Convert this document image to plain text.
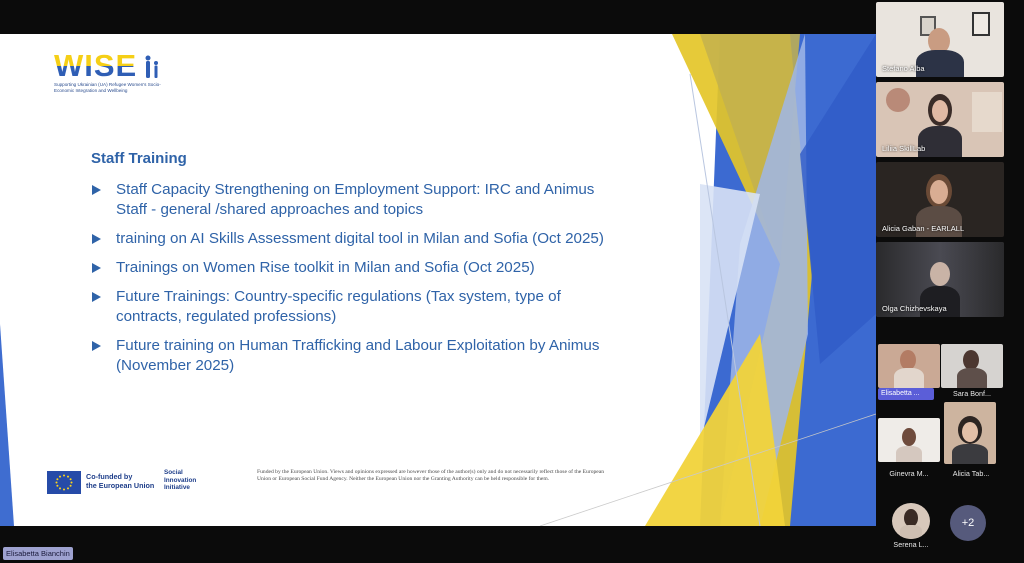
WISE
Supporting Ukrainian (UA) Refugee Women's Socio-Economic Integration and Wellbeing
Staff Training
Staff Capacity Strengthening on Employment Support: IRC and Animus Staff - general /shared approaches and topics
training on AI Skills Assessment digital tool in Milan and Sofia (Oct 2025)
Trainings on Women Rise toolkit in Milan and Sofia (Oct 2025)
Future Trainings: Country-specific regulations (Tax system, type of contracts, regulated professions)
Future training on Human Trafficking and Labour Exploitation by Animus (November 2025)
Co-funded by
the European Union
Social
Innovation
Initiative
Funded by the European Union. Views and opinions expressed are however those of the author(s) only and do not necessarily reflect those of the European Union or European Social Fund Agency. Neither the European Union nor the Granting Authority can be held responsible for them.
Stefano Alba
Liliia SkillLab
Alicia Gaban - EARLALL
Olga Chizhevskaya
Elisabetta ...	Sara Bonf...
Ginevra M...	Alicia Tab...
Serena L...
+2
Elisabetta Bianchin
